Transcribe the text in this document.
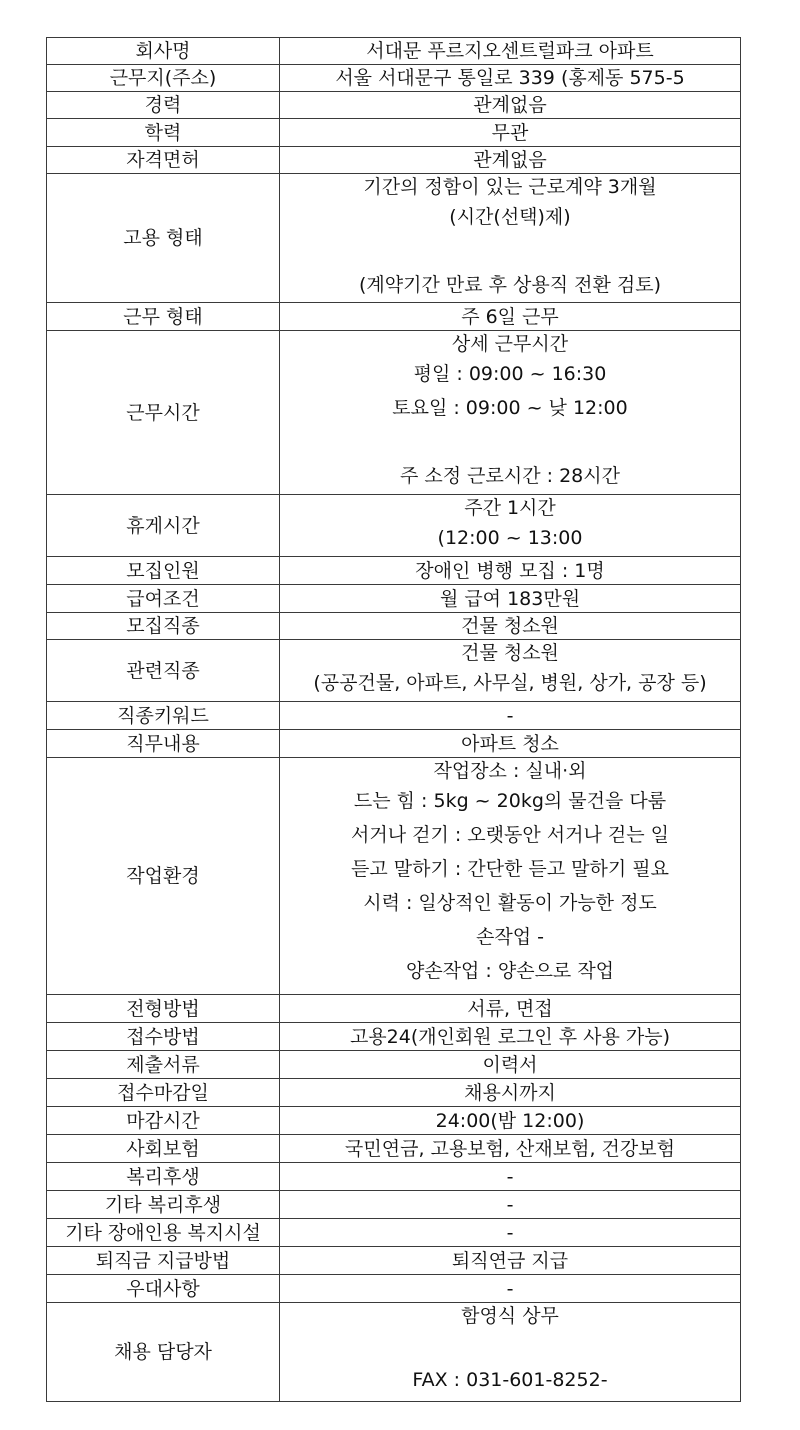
회사명	서대문 푸르지오센트럴파크 아파트
근무지(주소)	서울 서대문구 통일로 339 (홍제동 575-5
경력	관계없음
학력	무관
자격면허	관계없음
고용 형태	기간의 정함이 있는 근로계약 3개월
(시간(선택)제)
(계약기간 만료 후 상용직 전환 검토)

근무 형태	주 6일 근무
근무시간	상세 근무시간
평일 : 09:00 ~ 16:30
토요일 : 09:00 ~ 낮 12:00
주 소정 근로시간 : 28시간

휴게시간	주간 1시간
(12:00 ~ 13:00

모집인원	장애인 병행 모집 : 1명
급여조건	월 급여 183만원
모집직종	건물 청소원
관련직종	건물 청소원
(공공건물, 아파트, 사무실, 병원, 상가, 공장 등)

직종키워드	-
직무내용	아파트 청소
작업환경	
작업장소 : 실내·외
드는 힘 : 5kg ~ 20kg의 물건을 다룸
서거나 걷기 : 오랫동안 서거나 걷는 일
듣고 말하기 : 간단한 듣고 말하기 필요
시력 : 일상적인 활동이 가능한 정도
손작업 -
양손작업 : 양손으로 작업

전형방법	서류, 면접
접수방법	고용24(개인회원 로그인 후 사용 가능)
제출서류	이력서
접수마감일	채용시까지
마감시간	24:00(밤 12:00)
사회보험	국민연금, 고용보험, 산재보험, 건강보험
복리후생	-
기타 복리후생	-
기타 장애인용 복지시설	-
퇴직금 지급방법	퇴직연금 지급
우대사항	-
채용 담당자	함영식 상무
FAX : 031-601-8252-
